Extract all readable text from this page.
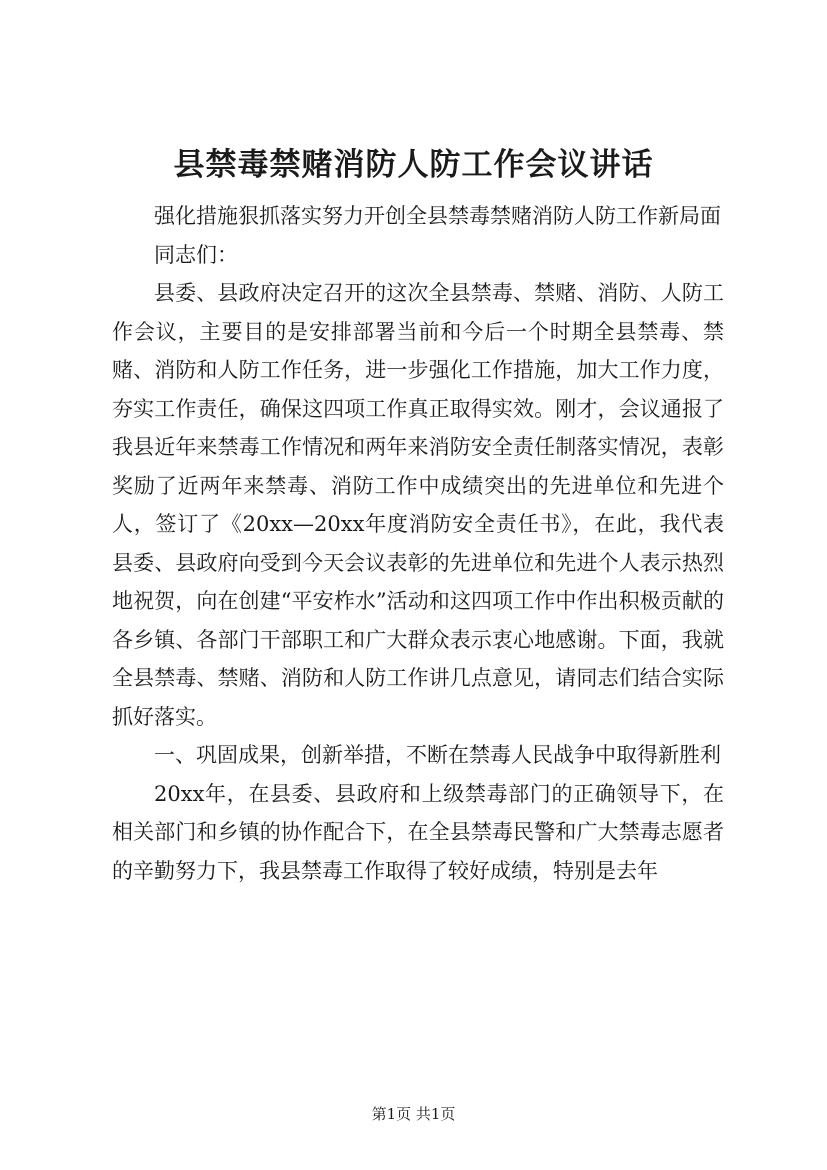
县禁毒禁赌消防人防工作会议讲话

强化措施狠抓落实努力开创全县禁毒禁赌消防人防工作新局面

同志们：

县委、县政府决定召开的这次全县禁毒、禁赌、消防、人防工作会议，主要目的是安排部署当前和今后一个时期全县禁毒、禁赌、消防和人防工作任务，进一步强化工作措施，加大工作力度，夯实工作责任，确保这四项工作真正取得实效。刚才，会议通报了我县近年来禁毒工作情况和两年来消防安全责任制落实情况，表彰奖励了近两年来禁毒、消防工作中成绩突出的先进单位和先进个人，签订了《20xx—20xx年度消防安全责任书》，在此，我代表县委、县政府向受到今天会议表彰的先进单位和先进个人表示热烈地祝贺，向在创建“平安柞水”活动和这四项工作中作出积极贡献的各乡镇、各部门干部职工和广大群众表示衷心地感谢。下面，我就全县禁毒、禁赌、消防和人防工作讲几点意见，请同志们结合实际抓好落实。

一、巩固成果，创新举措，不断在禁毒人民战争中取得新胜利

20xx年，在县委、县政府和上级禁毒部门的正确领导下，在相关部门和乡镇的协作配合下，在全县禁毒民警和广大禁毒志愿者的辛勤努力下，我县禁毒工作取得了较好成绩，特别是去年

第1页 共1页
